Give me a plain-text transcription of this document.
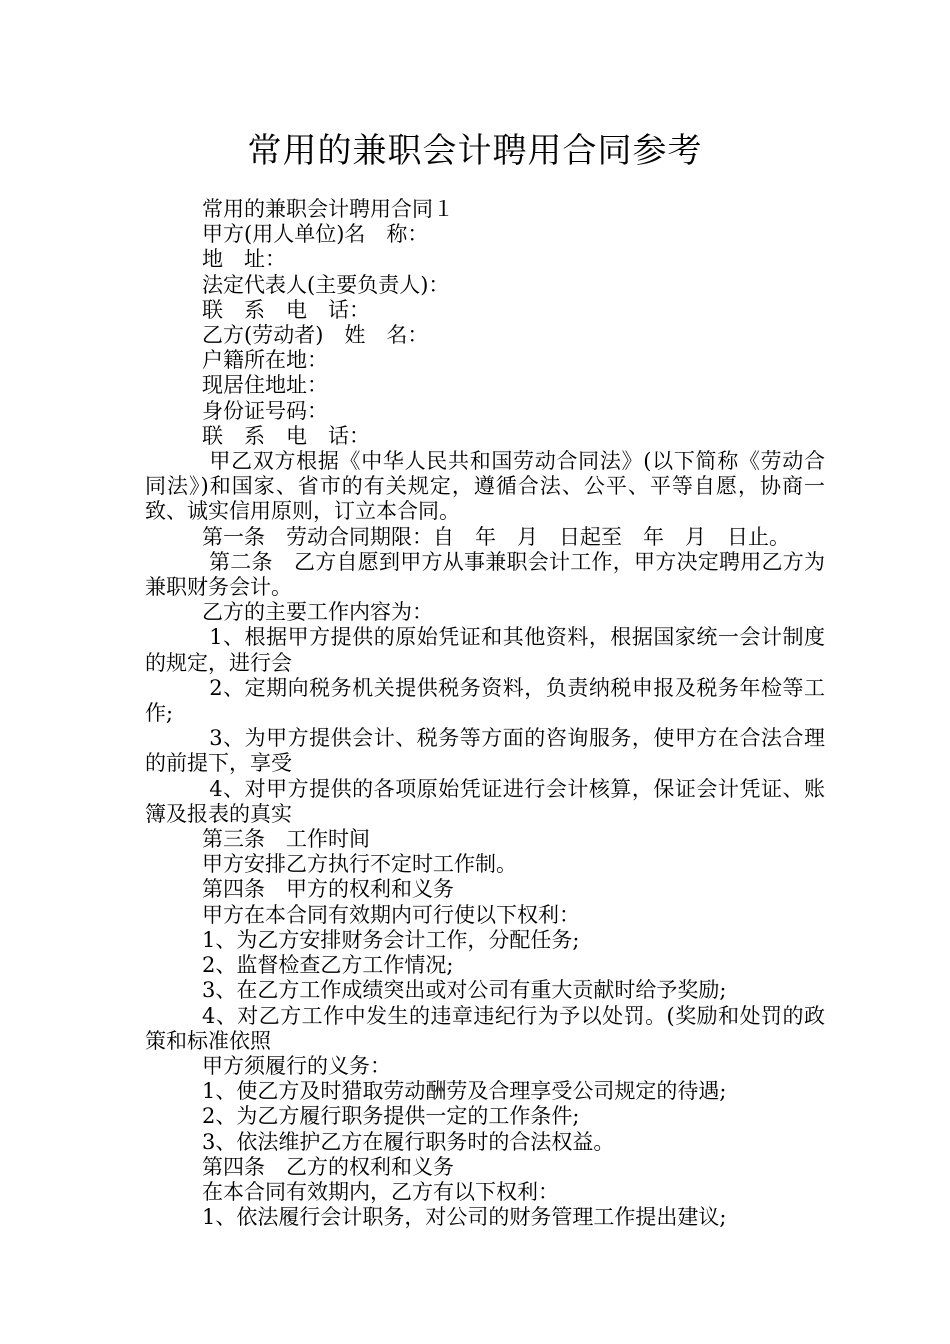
常用的兼职会计聘用合同参考

常用的兼职会计聘用合同１

甲方(用人单位)名　称：

地　址：

法定代表人(主要负责人)：

联　系　电　话：

乙方(劳动者)　姓　名：

户籍所在地：

现居住地址：

身份证号码：

联　系　电　话：

甲乙双方根据《中华人民共和国劳动合同法》(以下简称《劳动合同法》)和国家、省市的有关规定，遵循合法、公平、平等自愿，协商一致、诚实信用原则，订立本合同。

第一条　劳动合同期限：自　年　月　日起至　年　月　日止。

第二条　乙方自愿到甲方从事兼职会计工作，甲方决定聘用乙方为兼职财务会计。

乙方的主要工作内容为：

1、根据甲方提供的原始凭证和其他资料，根据国家统一会计制度的规定，进行会

2、定期向税务机关提供税务资料，负责纳税申报及税务年检等工作;

3、为甲方提供会计、税务等方面的咨询服务，使甲方在合法合理的前提下，享受

4、对甲方提供的各项原始凭证进行会计核算，保证会计凭证、账簿及报表的真实

第三条　工作时间

甲方安排乙方执行不定时工作制。

第四条　甲方的权利和义务

甲方在本合同有效期内可行使以下权利：

1、为乙方安排财务会计工作，分配任务;

2、监督检查乙方工作情况;

3、在乙方工作成绩突出或对公司有重大贡献时给予奖励;

4、对乙方工作中发生的违章违纪行为予以处罚。(奖励和处罚的政策和标准依照

甲方须履行的义务：

1、使乙方及时猎取劳动酬劳及合理享受公司规定的待遇;

2、为乙方履行职务提供一定的工作条件;

3、依法维护乙方在履行职务时的合法权益。

第四条　乙方的权利和义务

在本合同有效期内，乙方有以下权利：

1、依法履行会计职务，对公司的财务管理工作提出建议;
